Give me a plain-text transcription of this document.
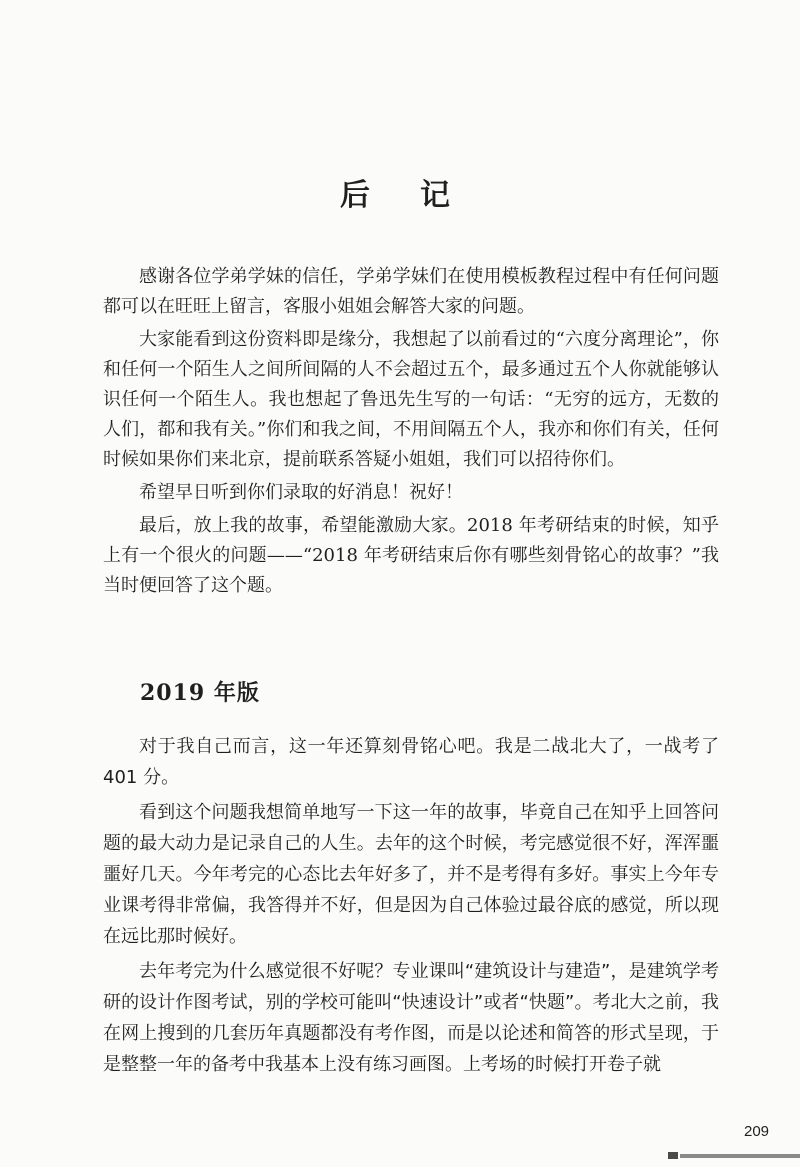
后记

感谢各位学弟学妹的信任，学弟学妹们在使用模板教程过程中有任何问题都可以在旺旺上留言，客服小姐姐会解答大家的问题。

大家能看到这份资料即是缘分，我想起了以前看过的“六度分离理论”，你和任何一个陌生人之间所间隔的人不会超过五个，最多通过五个人你就能够认识任何一个陌生人。我也想起了鲁迅先生写的一句话：“无穷的远方，无数的人们，都和我有关。”你们和我之间，不用间隔五个人，我亦和你们有关，任何时候如果你们来北京，提前联系答疑小姐姐，我们可以招待你们。

希望早日听到你们录取的好消息！祝好！

最后，放上我的故事，希望能激励大家。2018 年考研结束的时候，知乎上有一个很火的问题——“2018 年考研结束后你有哪些刻骨铭心的故事？”我当时便回答了这个题。

2019 年版

对于我自己而言，这一年还算刻骨铭心吧。我是二战北大了，一战考了 401 分。

看到这个问题我想简单地写一下这一年的故事，毕竟自己在知乎上回答问题的最大动力是记录自己的人生。去年的这个时候，考完感觉很不好，浑浑噩噩好几天。今年考完的心态比去年好多了，并不是考得有多好。事实上今年专业课考得非常偏，我答得并不好，但是因为自己体验过最谷底的感觉，所以现在远比那时候好。

去年考完为什么感觉很不好呢？专业课叫“建筑设计与建造”，是建筑学考研的设计作图考试，别的学校可能叫“快速设计”或者“快题”。考北大之前，我在网上搜到的几套历年真题都没有考作图，而是以论述和简答的形式呈现，于是整整一年的备考中我基本上没有练习画图。上考场的时候打开卷子就

209
